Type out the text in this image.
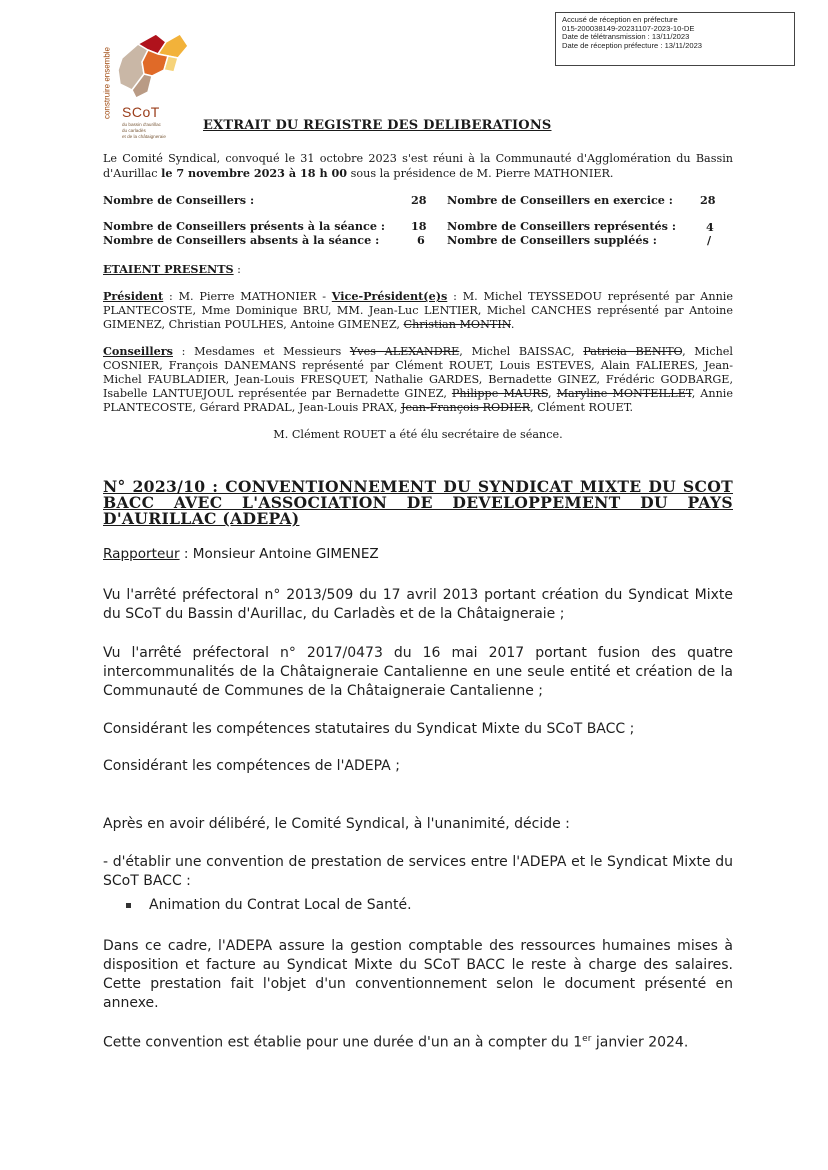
Accusé de réception en préfecture
015-200038149-20231107-2023-10-DE
Date de télétransmission : 13/11/2023
Date de réception préfecture : 13/11/2023
construire ensemble SCoT
du bassin d'aurillac
du carladès
et de la châtaigneraie
EXTRAIT DU REGISTRE DES DELIBERATIONS
Le Comité Syndical, convoqué le 31 octobre 2023 s'est réuni à la Communauté d'Agglomération du Bassin d'Aurillac le 7 novembre 2023 à 18 h 00 sous la présidence de M. Pierre MATHONIER.
Nombre de Conseillers :	28 Nombre de Conseillers en exercice : 28
Nombre de Conseillers présents à la séance : 18 Nombre de Conseillers représentés :	4
Nombre de Conseillers absents à la séance :	6 Nombre de Conseillers suppléés :	/
ETAIENT PRESENTS :
Président : M. Pierre MATHONIER - Vice-Président(e)s : M. Michel TEYSSEDOU représenté par Annie PLANTECOSTE, Mme Dominique BRU, MM. Jean-Luc LENTIER, Michel CANCHES représenté par Antoine GIMENEZ, Christian POULHES, Antoine GIMENEZ, Christian MONTIN.
Conseillers : Mesdames et Messieurs Yves ALEXANDRE, Michel BAISSAC, Patricia BENITO, Michel COSNIER, François DANEMANS représenté par Clément ROUET, Louis ESTEVES, Alain FALIERES, Jean-Michel FAUBLADIER, Jean-Louis FRESQUET, Nathalie GARDES, Bernadette GINEZ, Frédéric GODBARGE, Isabelle LANTUEJOUL représentée par Bernadette GINEZ, Philippe MAURS, Maryline MONTEILLET, Annie PLANTECOSTE, Gérard PRADAL, Jean-Louis PRAX, Jean-François RODIER, Clément ROUET.
M. Clément ROUET a été élu secrétaire de séance.
N° 2023/10 : CONVENTIONNEMENT DU SYNDICAT MIXTE DU SCOT BACC AVEC L'ASSOCIATION DE DEVELOPPEMENT DU PAYS D'AURILLAC (ADEPA)
Rapporteur : Monsieur Antoine GIMENEZ
Vu l'arrêté préfectoral n° 2013/509 du 17 avril 2013 portant création du Syndicat Mixte du SCoT du Bassin d'Aurillac, du Carladès et de la Châtaigneraie ;
Vu l'arrêté préfectoral n° 2017/0473 du 16 mai 2017 portant fusion des quatre intercommunalités de la Châtaigneraie Cantalienne en une seule entité et création de la Communauté de Communes de la Châtaigneraie Cantalienne ;
Considérant les compétences statutaires du Syndicat Mixte du SCoT BACC ;
Considérant les compétences de l'ADEPA ;
Après en avoir délibéré, le Comité Syndical, à l'unanimité, décide :
- d'établir une convention de prestation de services entre l'ADEPA et le Syndicat Mixte du SCoT BACC :
Animation du Contrat Local de Santé.
Dans ce cadre, l'ADEPA assure la gestion comptable des ressources humaines mises à disposition et facture au Syndicat Mixte du SCoT BACC le reste à charge des salaires. Cette prestation fait l'objet d'un conventionnement selon le document présenté en annexe.
Cette convention est établie pour une durée d'un an à compter du 1er janvier 2024.
